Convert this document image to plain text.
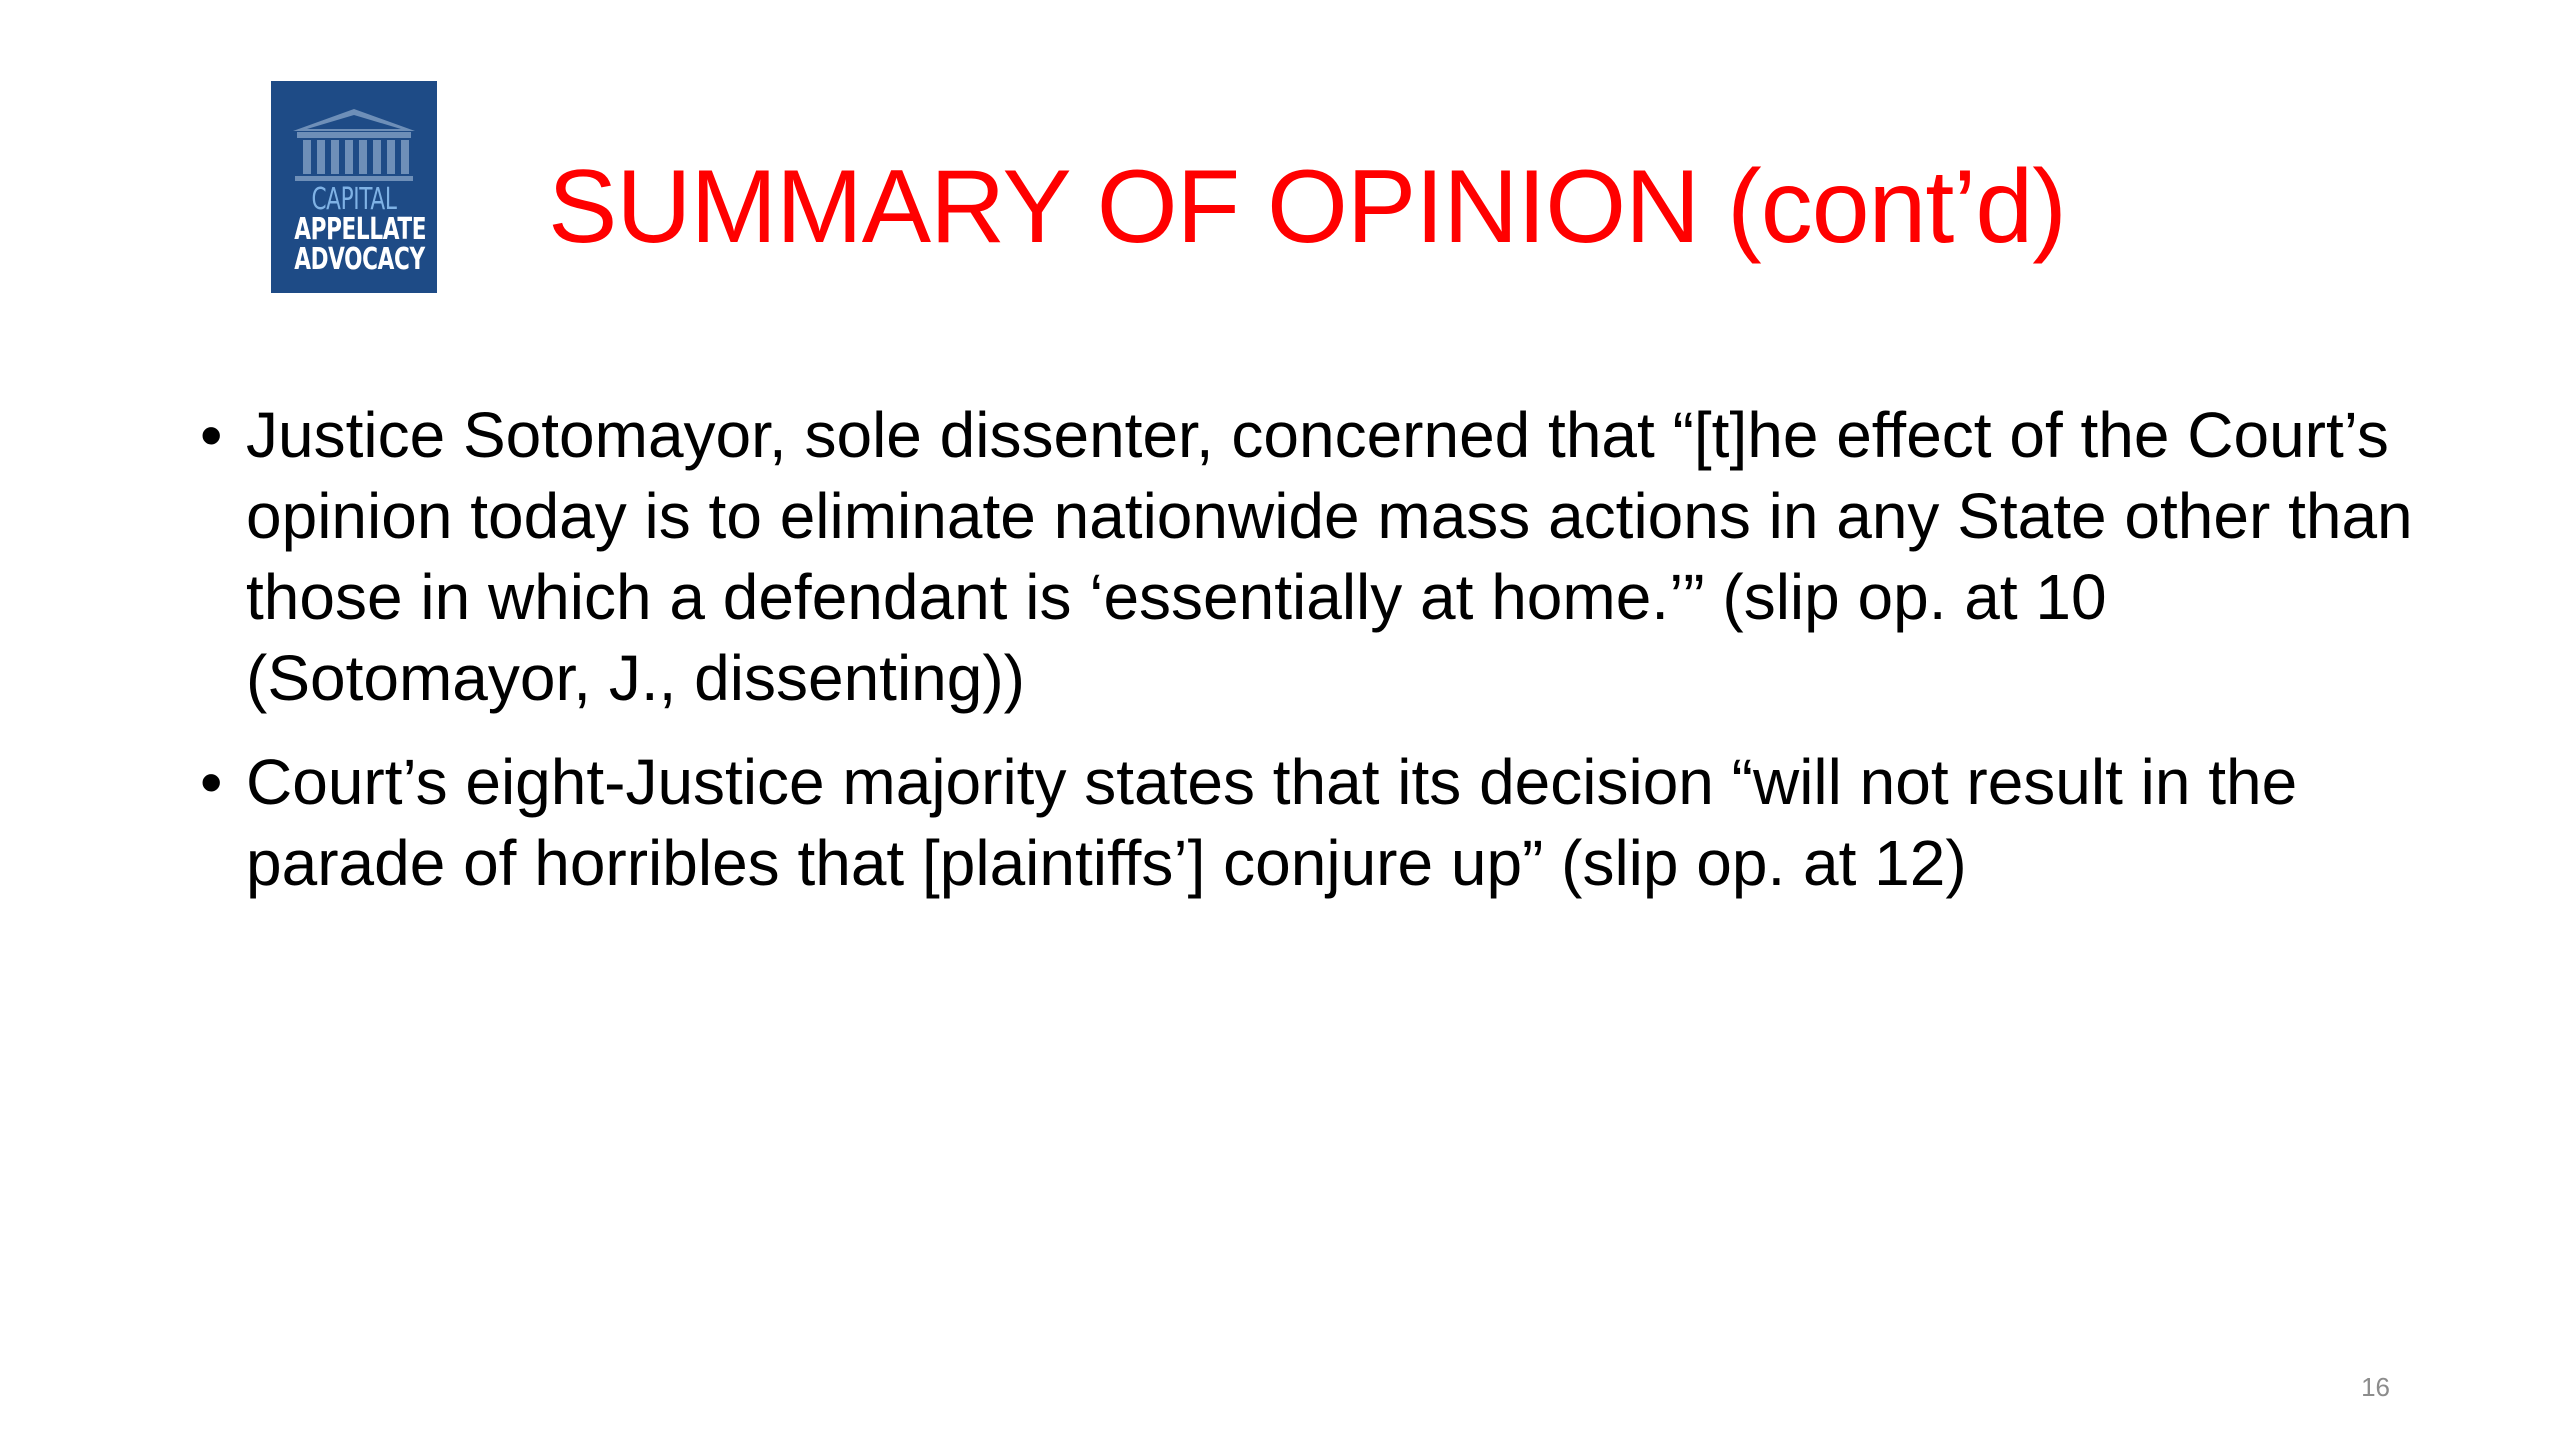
CAPITAL
APPELLATE
ADVOCACY SUMMARY OF OPINION (cont’d)
• Justice Sotomayor, sole dissenter, concerned that “[t]he effect of the Court’s opinion today is to eliminate nationwide mass actions in any State other than those in which a defendant is ‘essentially at home.’” (slip op. at 10 (Sotomayor, J., dissenting))
• Court’s eight-Justice majority states that its decision “will not result in the parade of horribles that [plaintiffs’] conjure up” (slip op. at 12)
16
